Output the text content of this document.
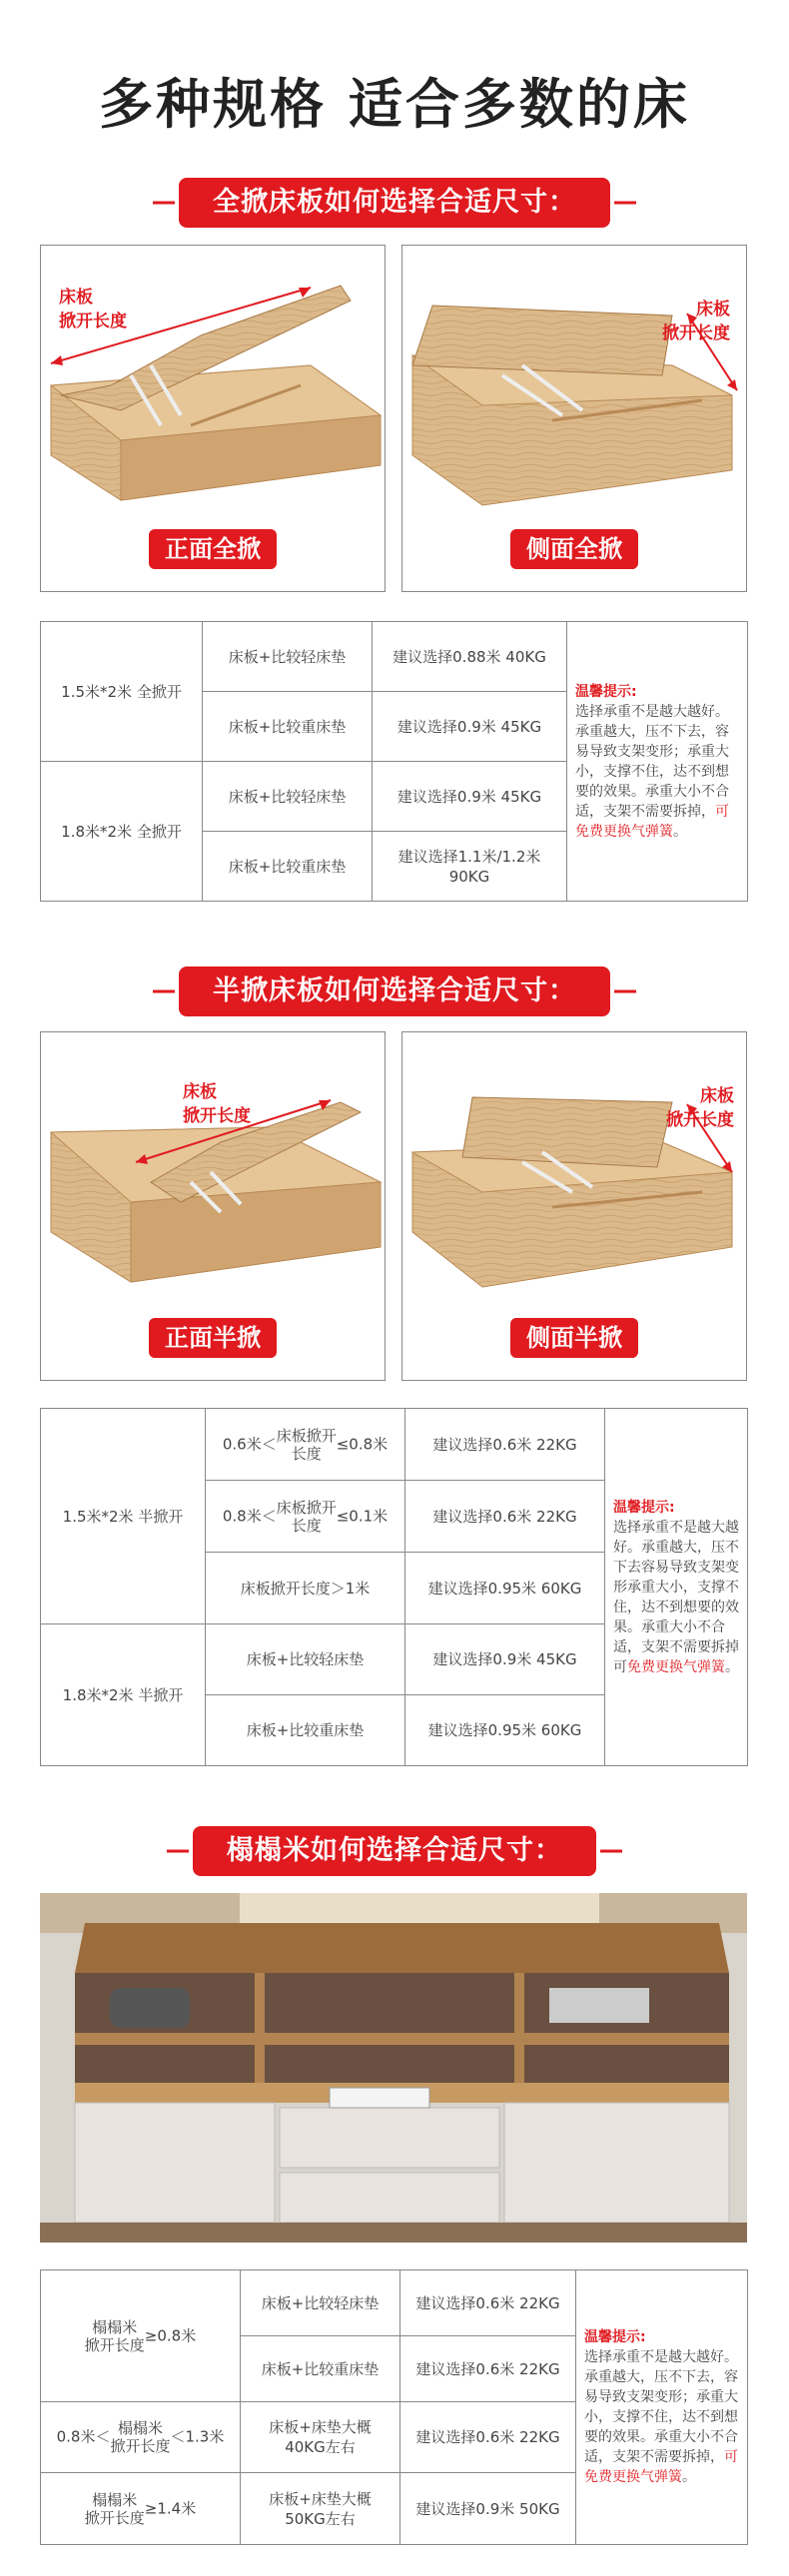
多种规格 适合多数的床
全掀床板如何选择合适尺寸：
床板
掀开长度
正面全掀
床板
掀开长度
侧面全掀
1.5米*2米 全掀开	床板+比较轻床垫	建议选择0.88米 40KG	温馨提示:
选择承重不是越大越好。承重越大，压不下去，容易导致支架变形；承重大小，支撑不住，达不到想要的效果。承重大小不合适，支架不需要拆掉，可免费更换气弹簧。
	床板+比较重床垫	建议选择0.9米 45KG	
1.8米*2米 全掀开	床板+比较轻床垫	建议选择0.9米 45KG	
	床板+比较重床垫	建议选择1.1米/1.2米 90KG	
半掀床板如何选择合适尺寸：
床板
掀开长度
正面半掀
床板
掀开长度
侧面半掀
1.5米*2米 半掀开	0.6米＜床板掀开
长度≤0.8米	建议选择0.6米 22KG	温馨提示:
选择承重不是越大越好。承重越大，压不下去容易导致支架变形承重大小，支撑不住，达不到想要的效果。承重大小不合适，支架不需要拆掉可免费更换气弹簧。
	0.8米＜床板掀开
长度≤0.1米	建议选择0.6米 22KG	
	床板掀开长度＞1米	建议选择0.95米 60KG	
1.8米*2米 半掀开	床板+比较轻床垫	建议选择0.9米 45KG	
	床板+比较重床垫	建议选择0.95米 60KG	
榻榻米如何选择合适尺寸：
榻榻米
掀开长度≥0.8米	床板+比较轻床垫	建议选择0.6米 22KG	温馨提示:
选择承重不是越大越好。承重越大，压不下去，容易导致支架变形；承重大小，支撑不住，达不到想要的效果。承重大小不合适，支架不需要拆掉，可免费更换气弹簧。
	床板+比较重床垫	建议选择0.6米 22KG	
0.8米＜ 榻榻米
掀开长度＜1.3米	床板+床垫大概
40KG左右	建议选择0.6米 22KG	
榻榻米
掀开长度≥1.4米	床板+床垫大概
50KG左右	建议选择0.9米 50KG	
